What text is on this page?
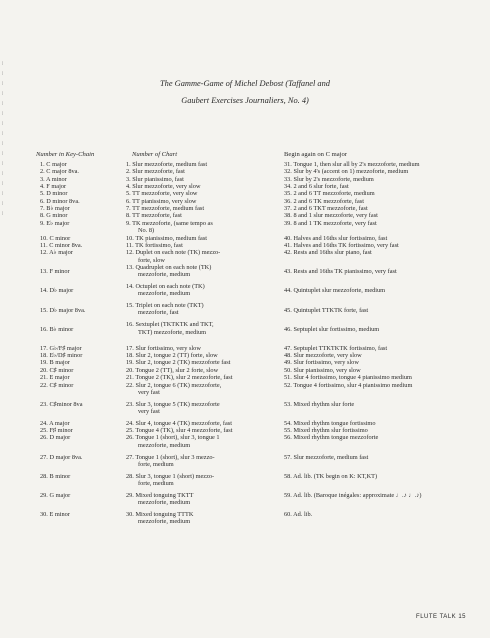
⁞
⁞
⁞
⁞
⁞
⁞
⁞
⁞
⁞
⁞
⁞
⁞
⁞
⁞
⁞
⁞
The Gamme-Game of Michel Debost (Taffanel and
Gaubert Exercises Journaliers, No. 4)
Number in Key-Chain	Number of Chart	Begin again on C major
1. C major
2. C major 8va.
3. A minor
4. F major
5. D minor
6. D minor 8va.
7. B♭ major
8. G minor
9. E♭ major
10. C minor
11. C minor 8va.
12. A♭ major
13. F minor
14. D♭ major
15. D♭ major 8va.
16. B♭ minor
17. G♭/F♯ major
18. E♭/D♯ minor
19. B major
20. C♯ minor
21. E major
22. C♯ minor
23. C♯minor 8va
24. A major
25. F♯ minor
26. D major
27. D major 8va.
28. B minor
29. G major
30. E minor
1. Slur mezzoforte, medium fast
2. Slur mezzoforte, fast
3. Slur pianissimo, fast
4. Slur mezzoforte, very slow
5. TT mezzoforte, very slow
6. TT pianissimo, very slow
7. TT mezzoforte, medium fast
8. TT mezzoforte, fast
9. TK mezzoforte, (same tempo as
No. 8)
10. TK pianissimo, medium fast
11. TK fortissimo, fast
12. Duplet on each note (TK) mezzo-
forte, slow
13. Quadruplet on each note (TK)
mezzoforte, medium
14. Octuplet on each note (TK)
mezzoforte, medium
15. Triplet on each note (TKT)
mezzoforte, fast
16. Sextuplet (TKTKTK and TKT,
TKT) mezzoforte, medium
17. Slur fortissimo, very slow
18. Slur 2, tongue 2 (TT) forte, slow
19. Slur 2, tongue 2 (TK) mezzoforte fast
20. Tongue 2 (TT), slur 2 forte, slow
21. Tongue 2 (TK), slur 2 mezzoforte, fast
22. Slur 2, tongue 6 (TK) mezzoforte,
very fast
23. Slur 3, tongue 5 (TK) mezzoforte
very fast
24. Slur 4, tongue 4 (TK) mezzoforte, fast
25. Tongue 4 (TK), slur 4 mezzoforte, fast
26. Tongue 1 (short), slur 3, tongue 1
mezzoforte, medium
27. Tongue 1 (short), slur 3 mezzo-
forte, medium
28. Slur 3, tongue 1 (short) mezzo-
forte, medium
29. Mixed tonguing TKTT
mezzoforte, medium
30. Mixed tonguing TTTK
mezzoforte, medium
31. Tongue 1, then slur all by 2's mezzoforte, medium
32. Slur by 4's (accent on 1) mezzoforte, medium
33. Slur by 2's mezzoforte, medium
34. 2 and 6 slur forte, fast
35. 2 and 6 TT mezzoforte, medium
36. 2 and 6 TK mezzoforte, fast
37. 2 and 6 TKT mezzoforte, fast
38. 8 and 1 slur mezzoforte, very fast
39. 8 and 1 TK mezzoforte, very fast
40. Halves and 16ths slur fortissimo, fast
41. Halves and 16ths TK fortissimo, very fast
42. Rests and 16ths slur piano, fast
43. Rests and 16ths TK pianissimo, very fast
44. Quintuplet slur mezzoforte, medium
45. Quintuplet TTKTK forte, fast
46. Septuplet slur fortissimo, medium
47. Septuplet TTKTKTK fortissimo, fast
48. Slur mezzoforte, very slow
49. Slur fortissimo, very slow
50. Slur pianissimo, very slow
51. Slur 4 fortissimo, tongue 4 pianissimo medium
52. Tongue 4 fortissimo, slur 4 pianissimo medium
53. Mixed rhythm slur forte
54. Mixed rhythm tongue fortissimo
55. Mixed rhythm slur fortissimo
56. Mixed rhythm tongue mezzoforte
57. Slur mezzoforte, medium fast
58. Ad. lib. (TK begin on K: KT,KT)
59. Ad. lib. (Baroque inégales: approximate ♩.♪ ♩.♪)
60. Ad. lib.
FLUTE TALK 15
